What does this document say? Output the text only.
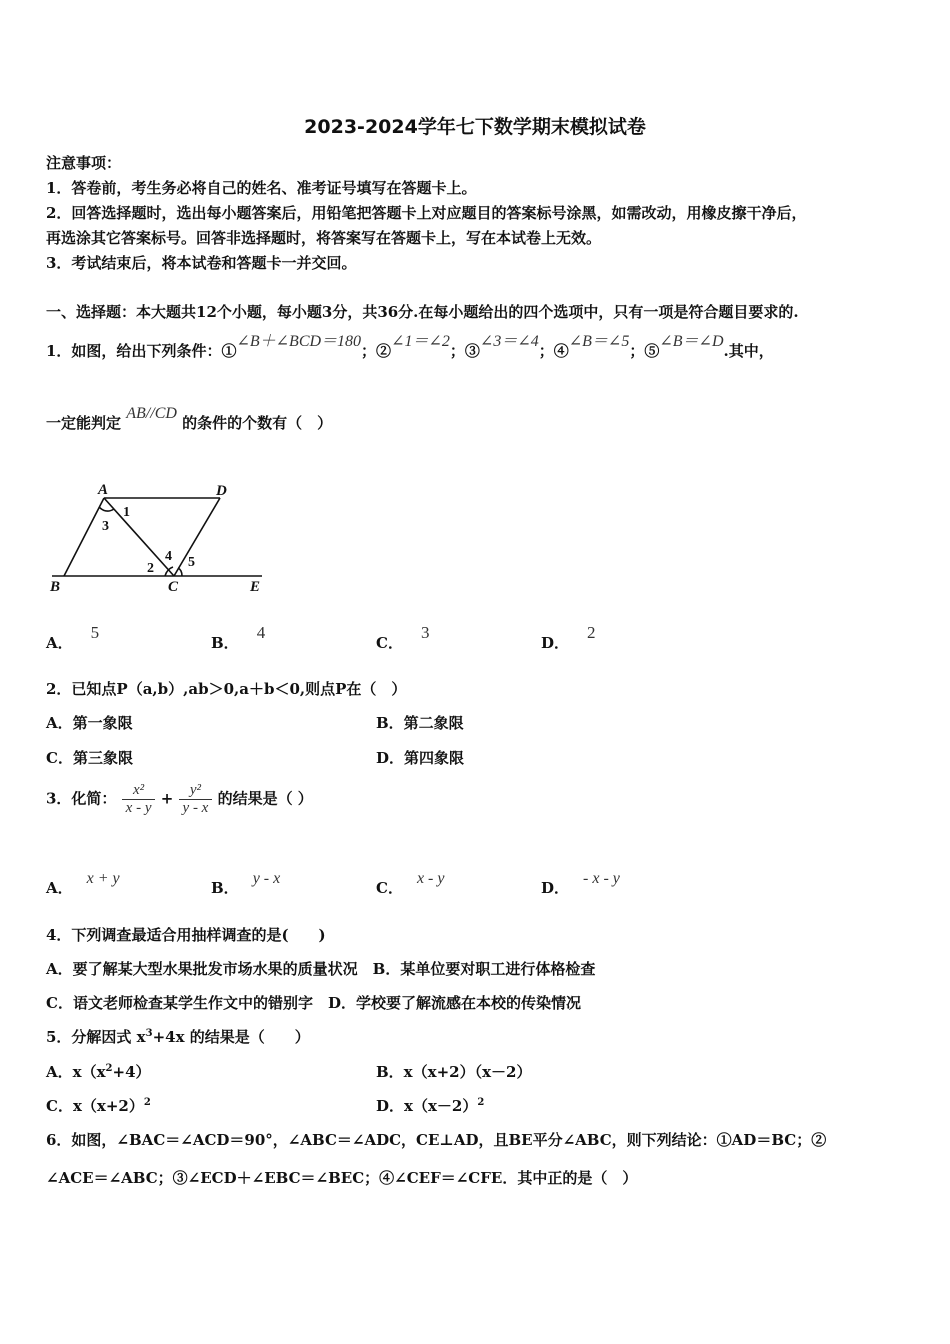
2023-2024学年七下数学期末模拟试卷
注意事项：
1．答卷前，考生务必将自己的姓名、准考证号填写在答题卡上。
2．回答选择题时，选出每小题答案后，用铅笔把答题卡上对应题目的答案标号涂黑，如需改动，用橡皮擦干净后，
再选涂其它答案标号。回答非选择题时，将答案写在答题卡上，写在本试卷上无效。
3．考试结束后，将本试卷和答题卡一并交回。
一、选择题：本大题共12个小题，每小题3分，共36分.在每小题给出的四个选项中，只有一项是符合题目要求的.
1．如图，给出下列条件：①∠B＋∠BCD＝180；②∠1＝∠2；③∠3＝∠4；④∠B＝∠5；⑤∠B＝∠D.其中，
一定能判定 AB//CD 的条件的个数有（　）
A	D
B	C	E
1
2
3
4 5
A．5
B．4
C．3
D．2
2．已知点P（a,b）,ab＞0,a＋b＜0,则点P在（　）
A．第一象限	B．第二象限
C．第三象限	D．第四象限
3．化简： $\frac{\text{x²}}{x - y} + \frac{\text{y²}}{y - x}$ 的结果是（ ）
A．x + y
B．y - x
C．x - y
D．- x - y
4．下列调查最适合用抽样调查的是(　　)
A．要了解某大型水果批发市场水果的质量状况　B．某单位要对职工进行体格检查
C．语文老师检查某学生作文中的错别字　D．学校要了解流感在本校的传染情况
5．分解因式 $x^3+4x$ 的结果是（　　）
A．$x(x^2+4)$	B．x（x+2）（x－2）
C．$x(x+2)^2$	D．$x(x-2)^2$
6．如图，∠BAC＝∠ACD＝90°，∠ABC＝∠ADC，CE⊥AD，且BE平分∠ABC，则下列结论：①AD＝BC；②
∠ACE＝∠ABC；③∠ECD＋∠EBC＝∠BEC；④∠CEF＝∠CFE．其中正的是（　）
